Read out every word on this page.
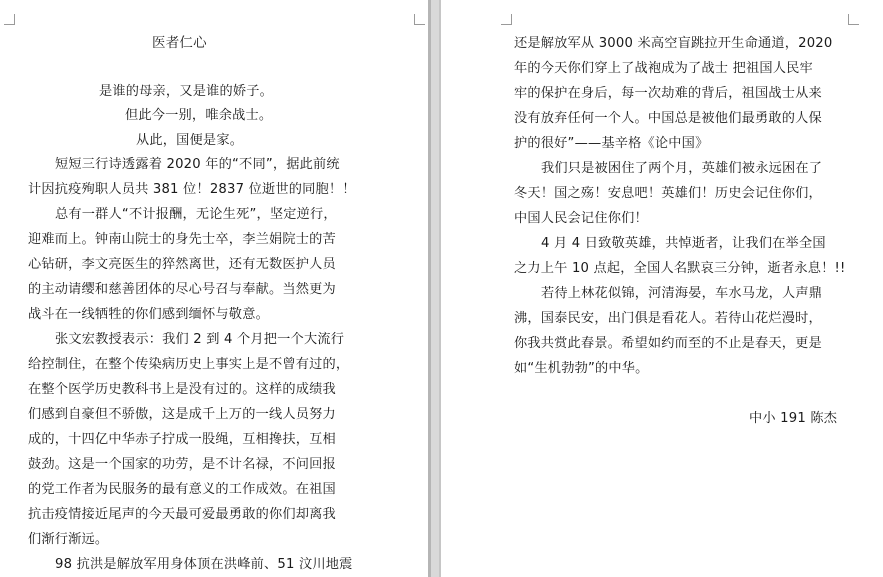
医者仁心
是谁的母亲，又是谁的娇子。
但此今一别，唯余战士。
从此，国便是家。
短短三行诗透露着 2020 年的“不同”，据此前统
计因抗疫殉职人员共 381 位！2837 位逝世的同胞！！
总有一群人“不计报酬，无论生死”，坚定逆行，
迎难而上。钟南山院士的身先士卒，李兰娟院士的苦
心钻研，李文亮医生的猝然离世，还有无数医护人员
的主动请缨和慈善团体的尽心号召与奉献。当然更为
战斗在一线牺牲的你们感到缅怀与敬意。
张文宏教授表示：我们 2 到 4 个月把一个大流行
给控制住，在整个传染病历史上事实上是不曾有过的，
在整个医学历史教科书上是没有过的。这样的成绩我
们感到自豪但不骄傲，这是成千上万的一线人员努力
成的，十四亿中华赤子拧成一股绳，互相搀扶，互相
鼓劲。这是一个国家的功劳，是不计名禄，不问回报
的党工作者为民服务的最有意义的工作成效。在祖国
抗击疫情接近尾声的今天最可爱最勇敢的你们却离我
们渐行渐远。
98 抗洪是解放军用身体顶在洪峰前、51 汶川地震
还是解放军从 3000 米高空盲跳拉开生命通道，2020
年的今天你们穿上了战袍成为了战士 把祖国人民牢
牢的保护在身后，每一次劫难的背后，祖国战士从来
没有放弃任何一个人。中国总是被他们最勇敢的人保
护的很好”——基辛格《论中国》
我们只是被困住了两个月，英雄们被永远困在了
冬天！国之殇！安息吧！英雄们！历史会记住你们，
中国人民会记住你们！
4 月 4 日致敬英雄，共悼逝者，让我们在举全国
之力上午 10 点起，全国人名默哀三分钟，逝者永息！!!
若待上林花似锦，河清海晏，车水马龙，人声鼎
沸，国泰民安，出门俱是看花人。若待山花烂漫时，
你我共赏此春景。希望如约而至的不止是春天，更是
如“生机勃勃”的中华。
中小 191 陈杰
